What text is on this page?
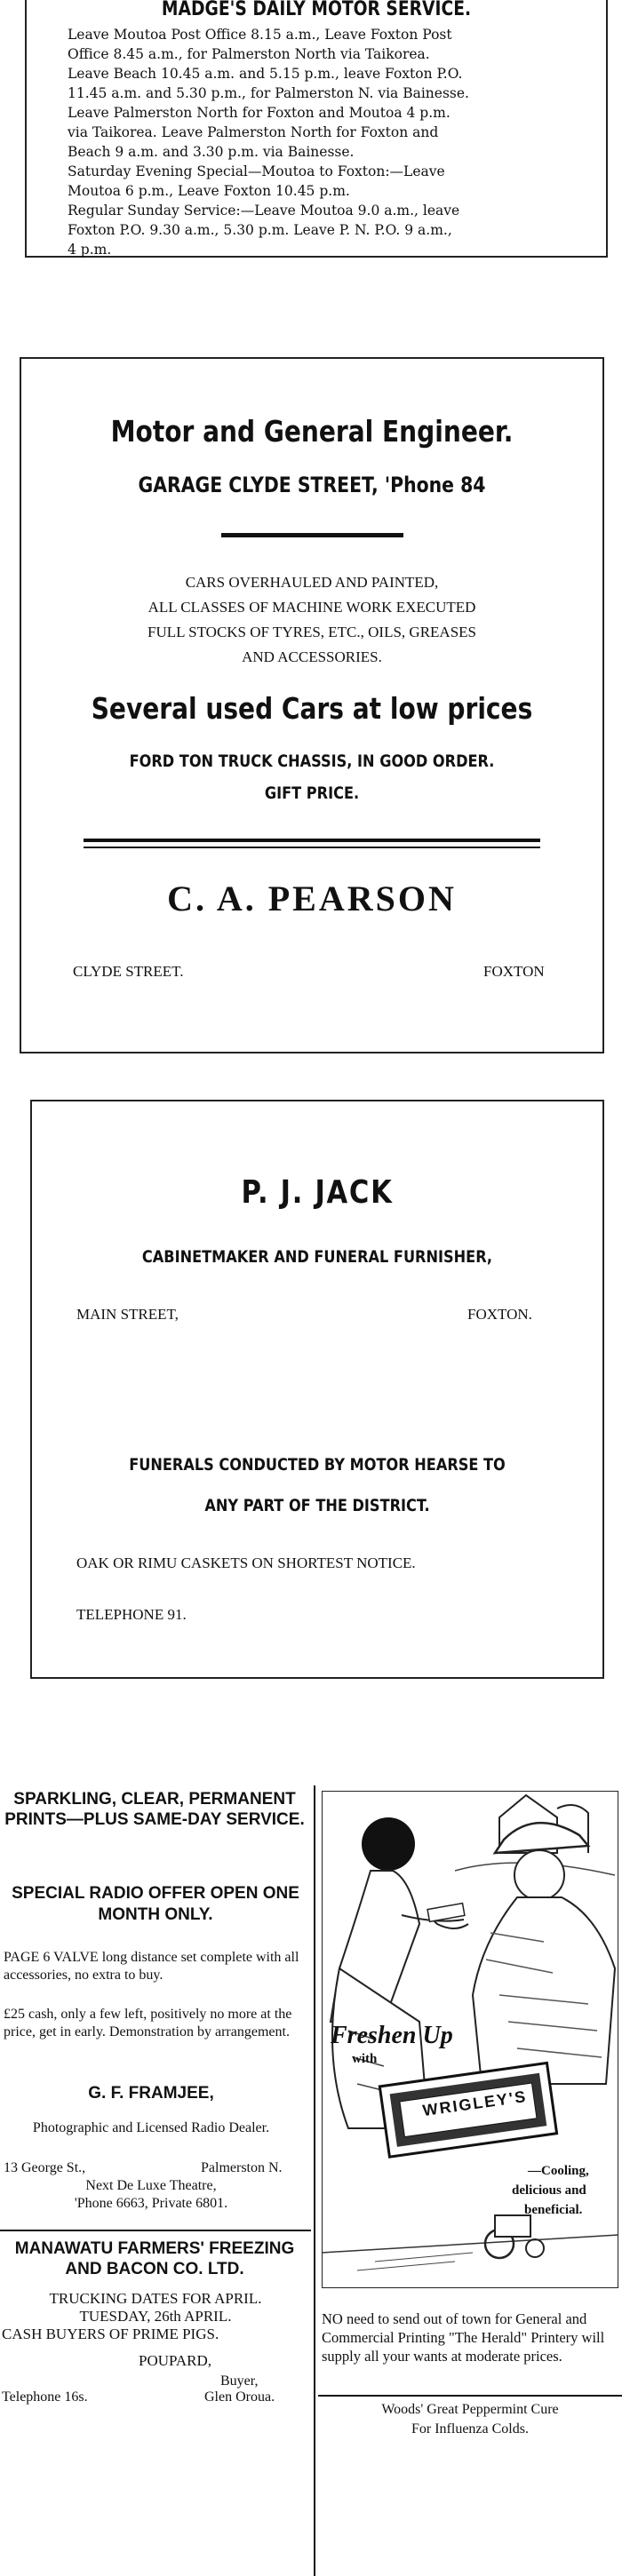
MADGE'S DAILY MOTOR SERVICE.
Leave Moutoa Post Office 8.15 a.m., Leave Foxton Post
Office 8.45 a.m., for Palmerston North via Taikorea.
Leave Beach 10.45 a.m. and 5.15 p.m., leave Foxton P.O.
11.45 a.m. and 5.30 p.m., for Palmerston N. via Bainesse.
Leave Palmerston North for Foxton and Moutoa 4 p.m.
via Taikorea. Leave Palmerston North for Foxton and
Beach 9 a.m. and 3.30 p.m. via Bainesse.
Saturday Evening Special—Moutoa to Foxton:—Leave
Moutoa 6 p.m., Leave Foxton 10.45 p.m.
Regular Sunday Service:—Leave Moutoa 9.0 a.m., leave
Foxton P.O. 9.30 a.m., 5.30 p.m. Leave P. N. P.O. 9 a.m.,
4 p.m.
Motor and General Engineer.
GARAGE CLYDE STREET, 'Phone 84
CARS OVERHAULED AND PAINTED,
ALL CLASSES OF MACHINE WORK EXECUTED
FULL STOCKS OF TYRES, ETC., OILS, GREASES
AND ACCESSORIES.
Several used Cars at low prices
FORD TON TRUCK CHASSIS, IN GOOD ORDER.
GIFT PRICE.
C. A. PEARSON
CLYDE STREET.	FOXTON
P. J. JACK
CABINETMAKER AND FUNERAL FURNISHER,
MAIN STREET,	FOXTON.
FUNERALS CONDUCTED BY MOTOR HEARSE TO
ANY PART OF THE DISTRICT.
OAK OR RIMU CASKETS ON SHORTEST NOTICE.
TELEPHONE 91.
SPARKLING, CLEAR, PERMANENT PRINTS—PLUS SAME-DAY SERVICE.
SPECIAL RADIO OFFER OPEN ONE MONTH ONLY.
PAGE 6 VALVE long distance set complete with all accessories, no extra to buy.
£25 cash, only a few left, positively no more at the price, get in early. Demonstration by arrangement.
G. F. FRAMJEE,
Photographic and Licensed Radio Dealer.
13 George St.,	Palmerston N.
Next De Luxe Theatre,
'Phone 6663, Private 6801.
MANAWATU FARMERS' FREEZING AND BACON CO. LTD.
TRUCKING DATES FOR APRIL.
TUESDAY, 26th APRIL.
CASH BUYERS OF PRIME PIGS.
POUPARD,
Buyer,
Telephone 16s.	Glen Oroua.
Freshen Up
with
WRIGLEY'S
—Cooling,
delicious and
beneficial.
NO need to send out of town for General and Commercial Printing "The Herald" Printery will supply all your wants at moderate prices.
Woods' Great Peppermint Cure
For Influenza Colds.
